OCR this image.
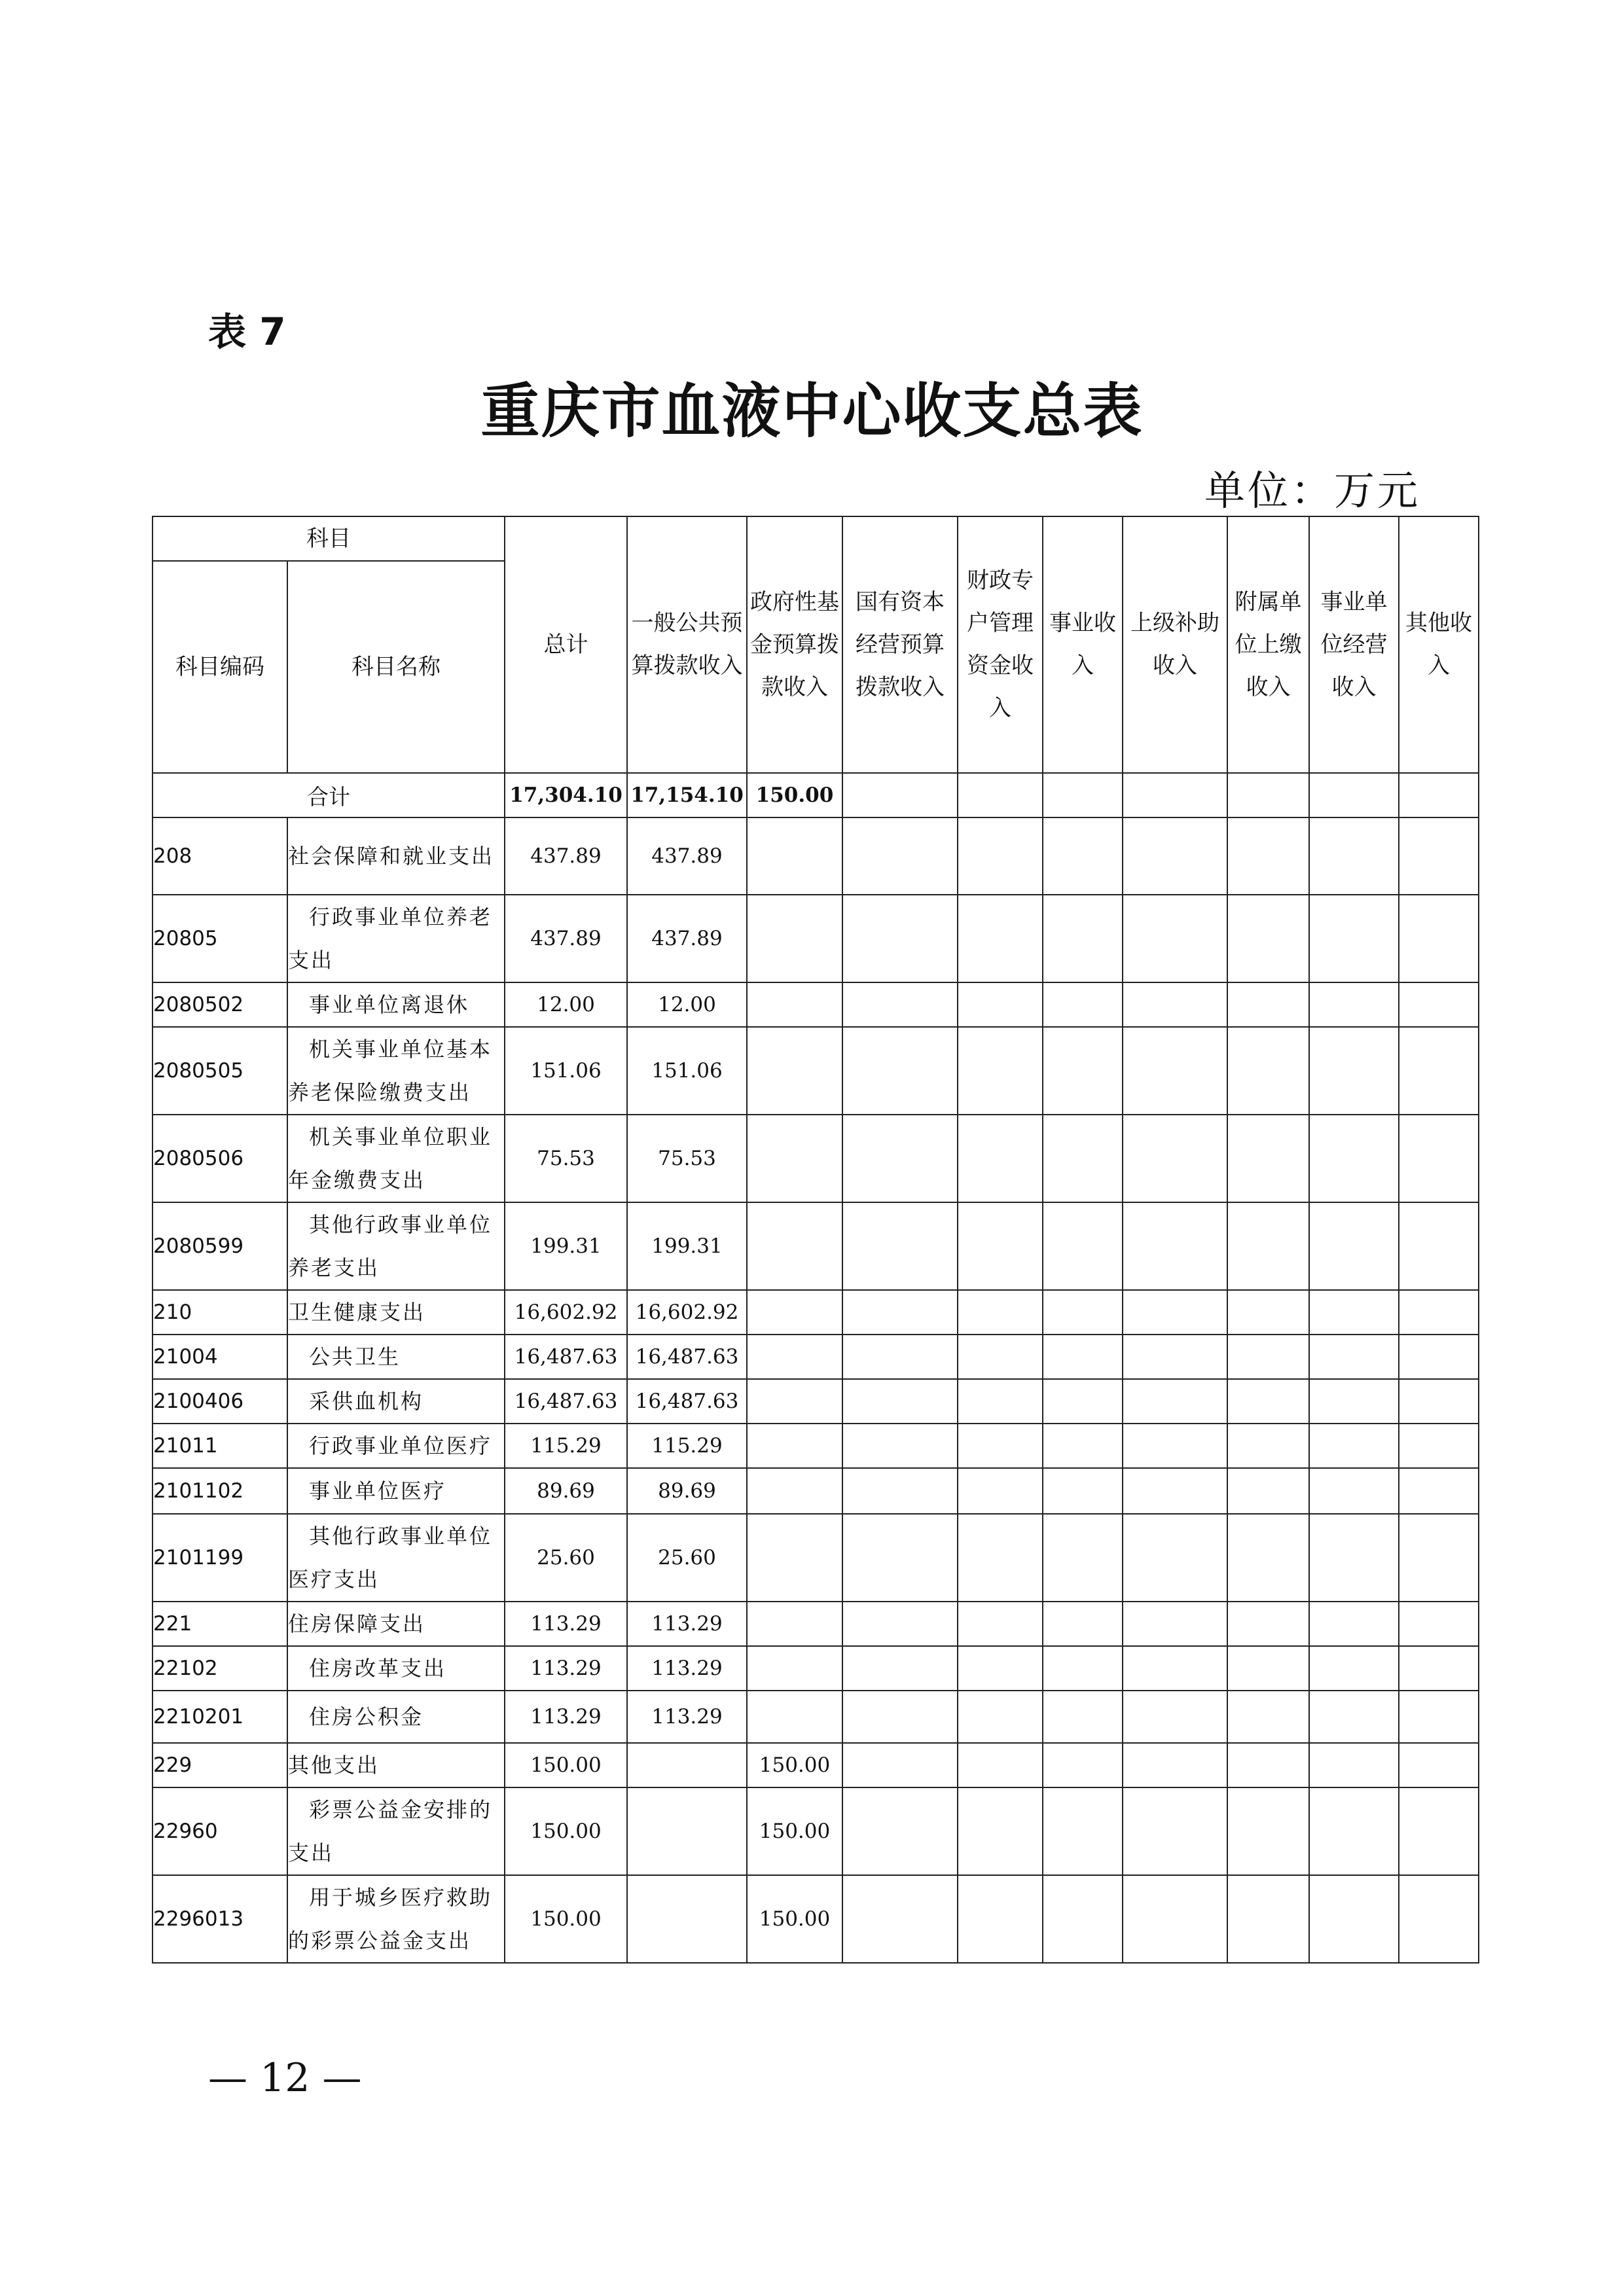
表 7
重庆市血液中心收支总表
单位：万元
科目		总计	一般公共预算拨款收入	政府性基金预算拨款收入	国有资本经营预算拨款收入	财政专户管理资金收入	事业收入	上级补助收入	附属单位上缴收入	事业单位经营收入	其他收入
科目编码	科目名称										
合计		17,304.10	17,154.10	150.00							
208	社会保障和就业支出	437.89	437.89								
20805	行政事业单位养老支出	437.89	437.89								
2080502	事业单位离退休	12.00	12.00								
2080505	机关事业单位基本养老保险缴费支出	151.06	151.06								
2080506	机关事业单位职业年金缴费支出	75.53	75.53								
2080599	其他行政事业单位养老支出	199.31	199.31								
210	卫生健康支出	16,602.92	16,602.92								
21004	公共卫生	16,487.63	16,487.63								
2100406	采供血机构	16,487.63	16,487.63								
21011	行政事业单位医疗	115.29	115.29								
2101102	事业单位医疗	89.69	89.69								
2101199	其他行政事业单位医疗支出	25.60	25.60								
221	住房保障支出	113.29	113.29								
22102	住房改革支出	113.29	113.29								
2210201	住房公积金	113.29	113.29								
229	其他支出	150.00		150.00							
22960	彩票公益金安排的支出	150.00		150.00							
2296013	用于城乡医疗救助的彩票公益金支出	150.00		150.00							
— 12 —
